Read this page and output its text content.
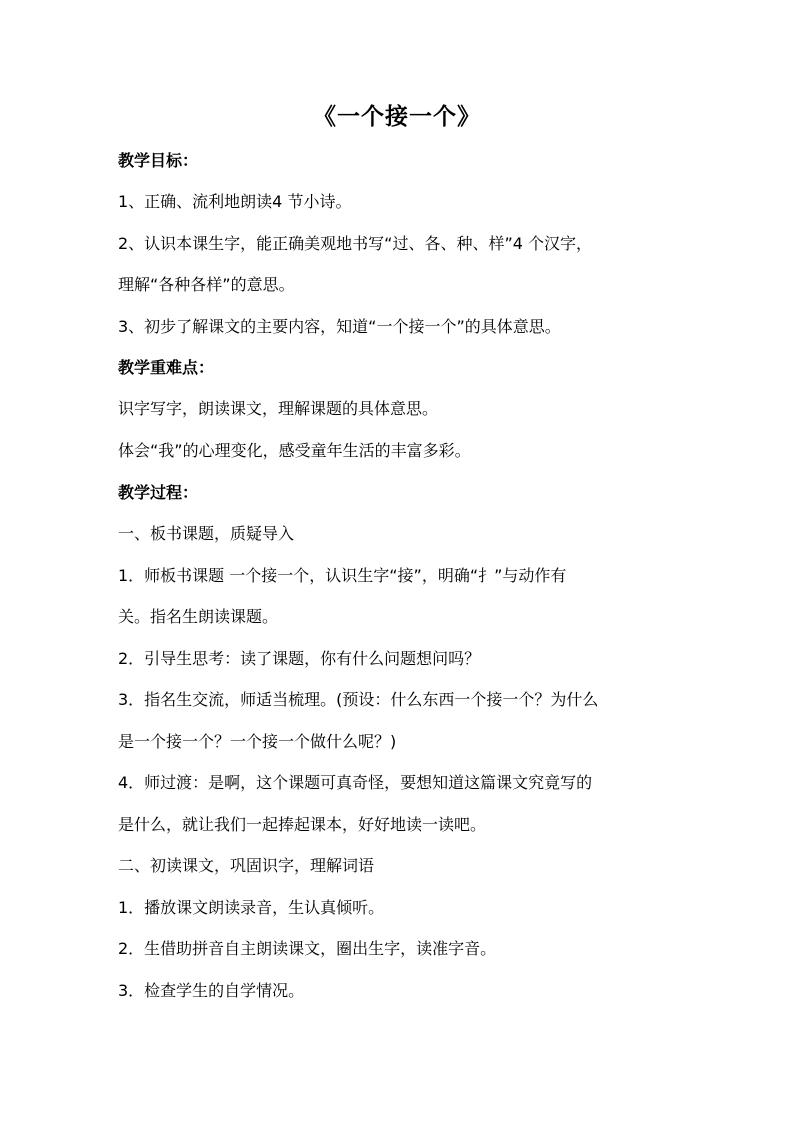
《一个接一个》
教学目标：
1、正确、流利地朗读4 节小诗。
2、认识本课生字，能正确美观地书写“过、各、种、样”4 个汉字，
理解“各种各样”的意思。
3、初步了解课文的主要内容，知道“一个接一个”的具体意思。
教学重难点：
识字写字，朗读课文，理解课题的具体意思。
体会“我”的心理变化，感受童年生活的丰富多彩。
教学过程：
一、板书课题，质疑导入
1．师板书课题 一个接一个，认识生字“接”，明确“扌”与动作有
关。指名生朗读课题。
2．引导生思考：读了课题，你有什么问题想问吗？
3．指名生交流，师适当梳理。(预设：什么东西一个接一个？为什么
是一个接一个？一个接一个做什么呢？)
4．师过渡：是啊，这个课题可真奇怪，要想知道这篇课文究竟写的
是什么，就让我们一起捧起课本，好好地读一读吧。
二、初读课文，巩固识字，理解词语
1．播放课文朗读录音，生认真倾听。
2．生借助拼音自主朗读课文，圈出生字，读准字音。
3．检查学生的自学情况。
